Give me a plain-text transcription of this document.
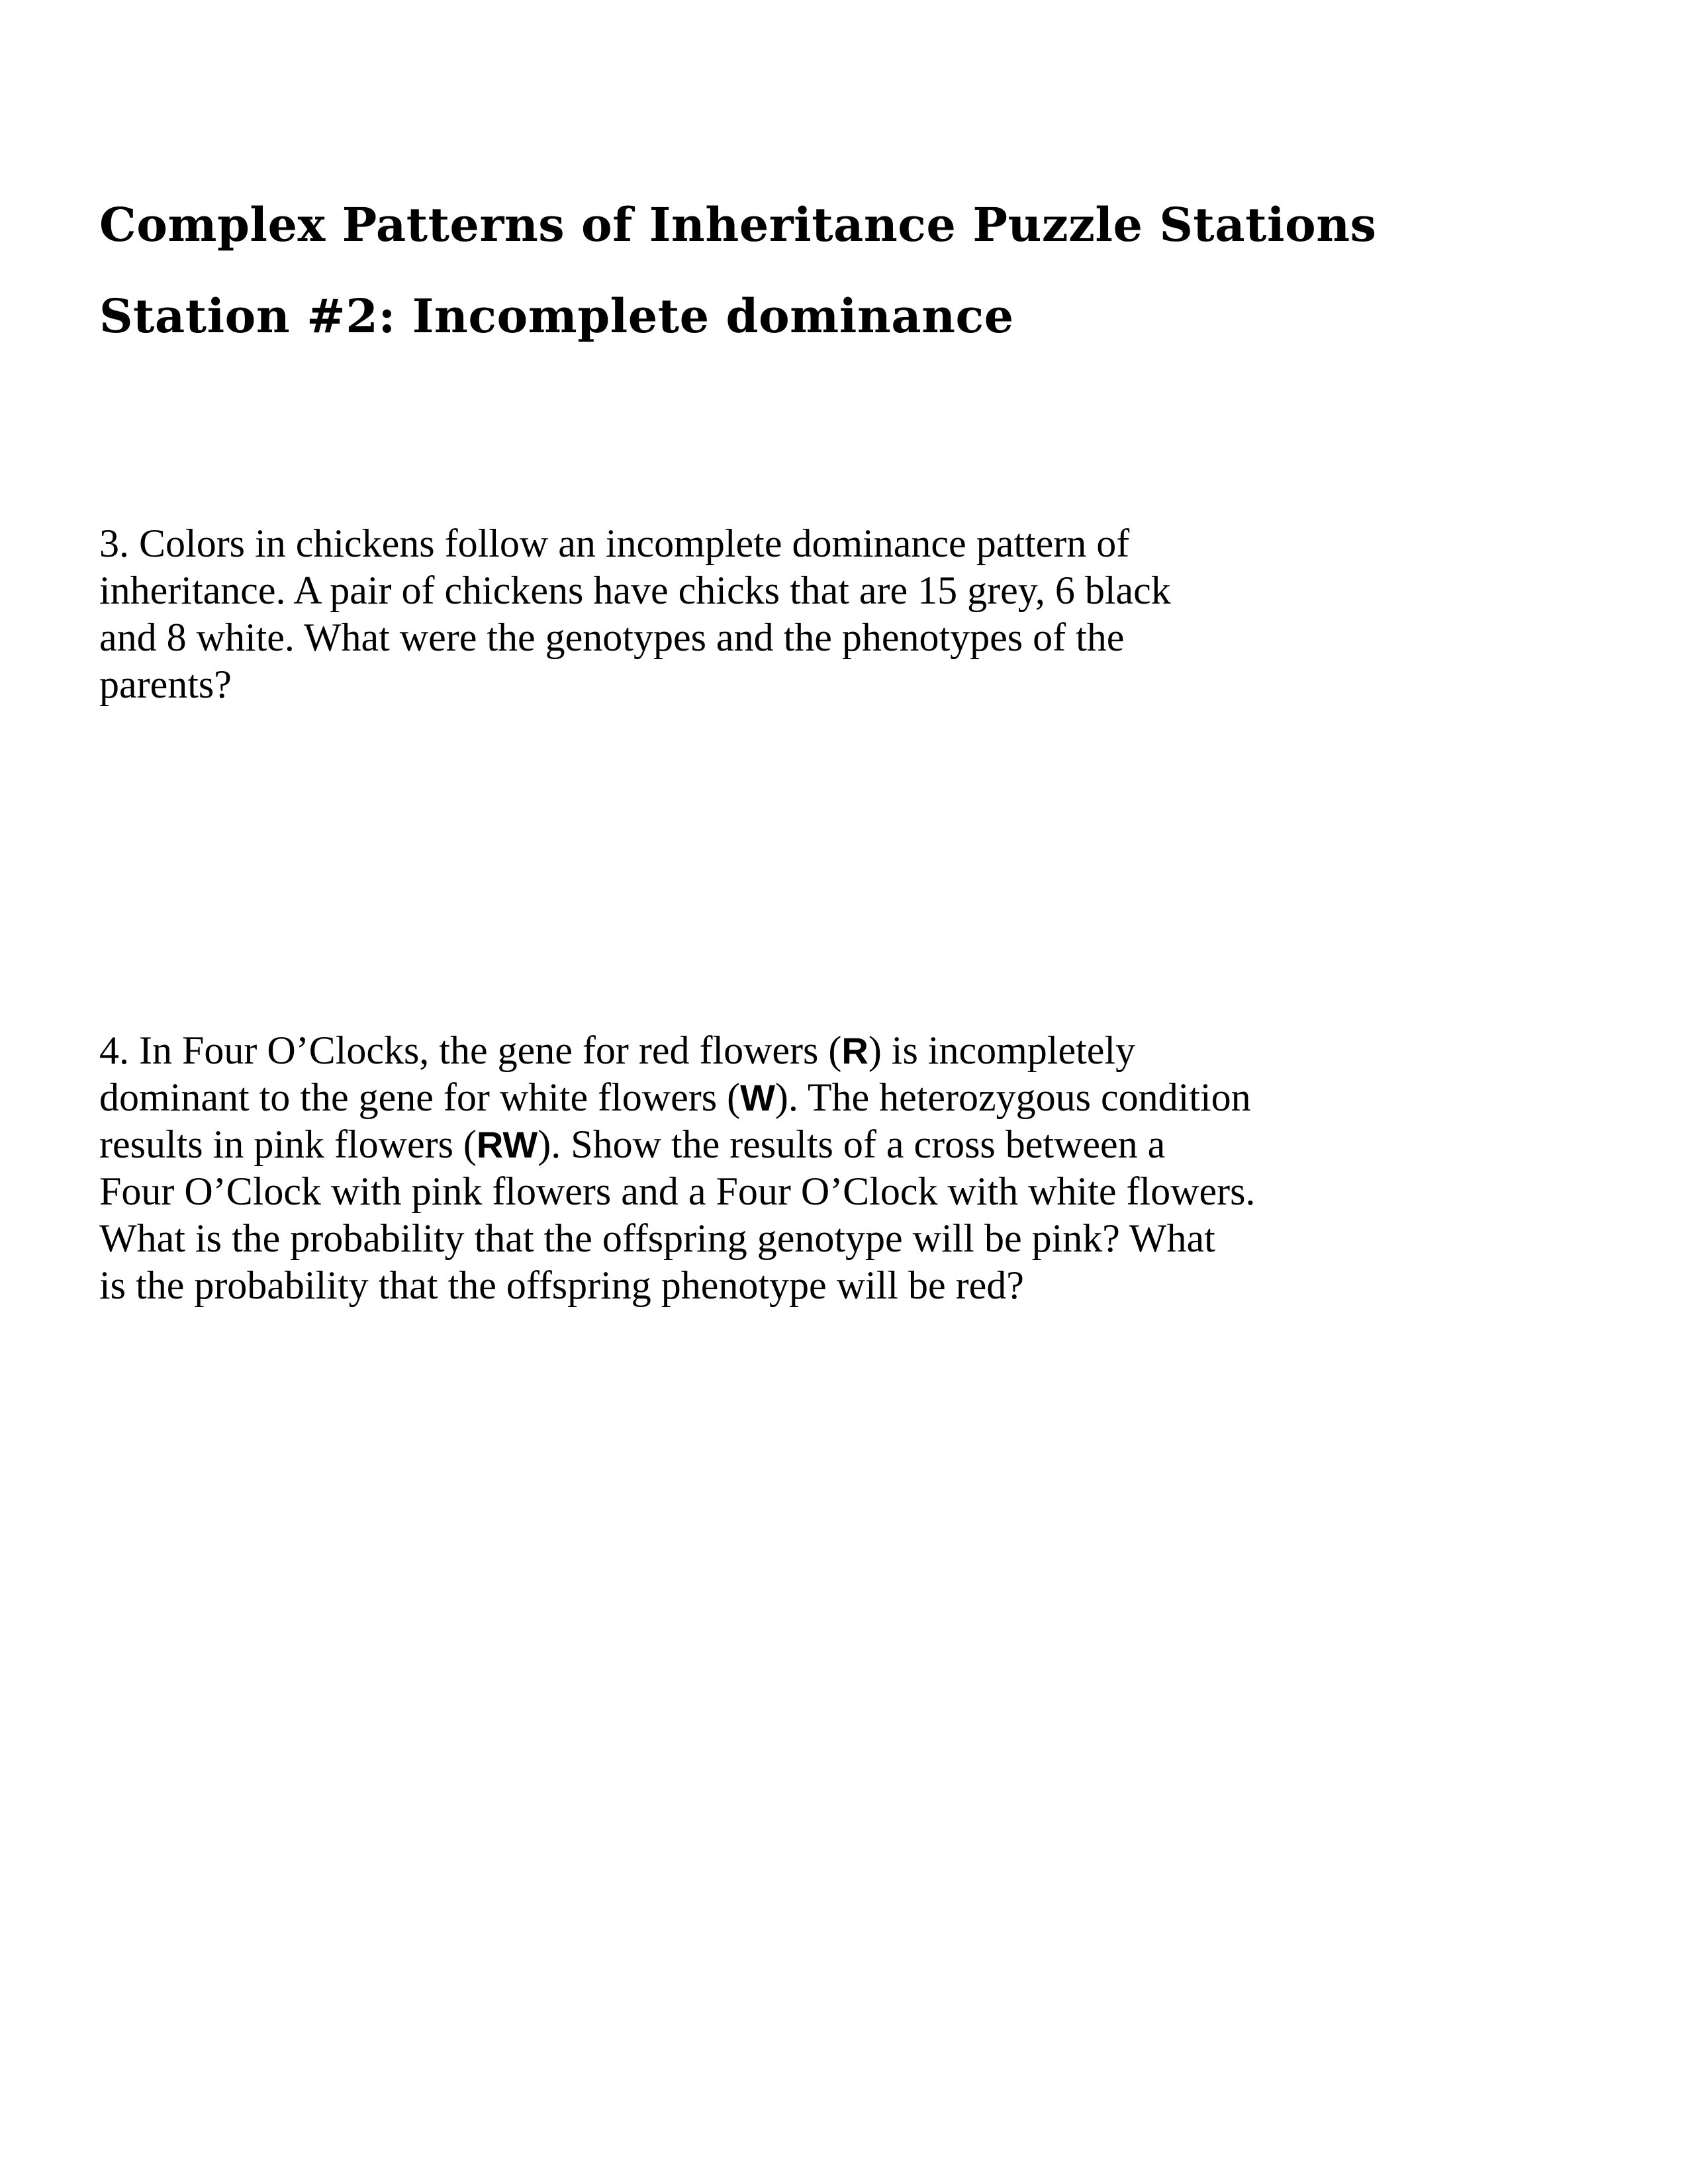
Complex Patterns of Inheritance Puzzle Stations
Station #2: Incomplete dominance
3. Colors in chickens follow an incomplete dominance pattern of
inheritance. A pair of chickens have chicks that are 15 grey, 6 black
and 8 white. What were the genotypes and the phenotypes of the
parents?
4. In Four O’Clocks, the gene for red flowers (R) is incompletely
dominant to the gene for white flowers (W). The heterozygous condition
results in pink flowers (RW). Show the results of a cross between a
Four O’Clock with pink flowers and a Four O’Clock with white flowers.
What is the probability that the offspring genotype will be pink? What
is the probability that the offspring phenotype will be red?
